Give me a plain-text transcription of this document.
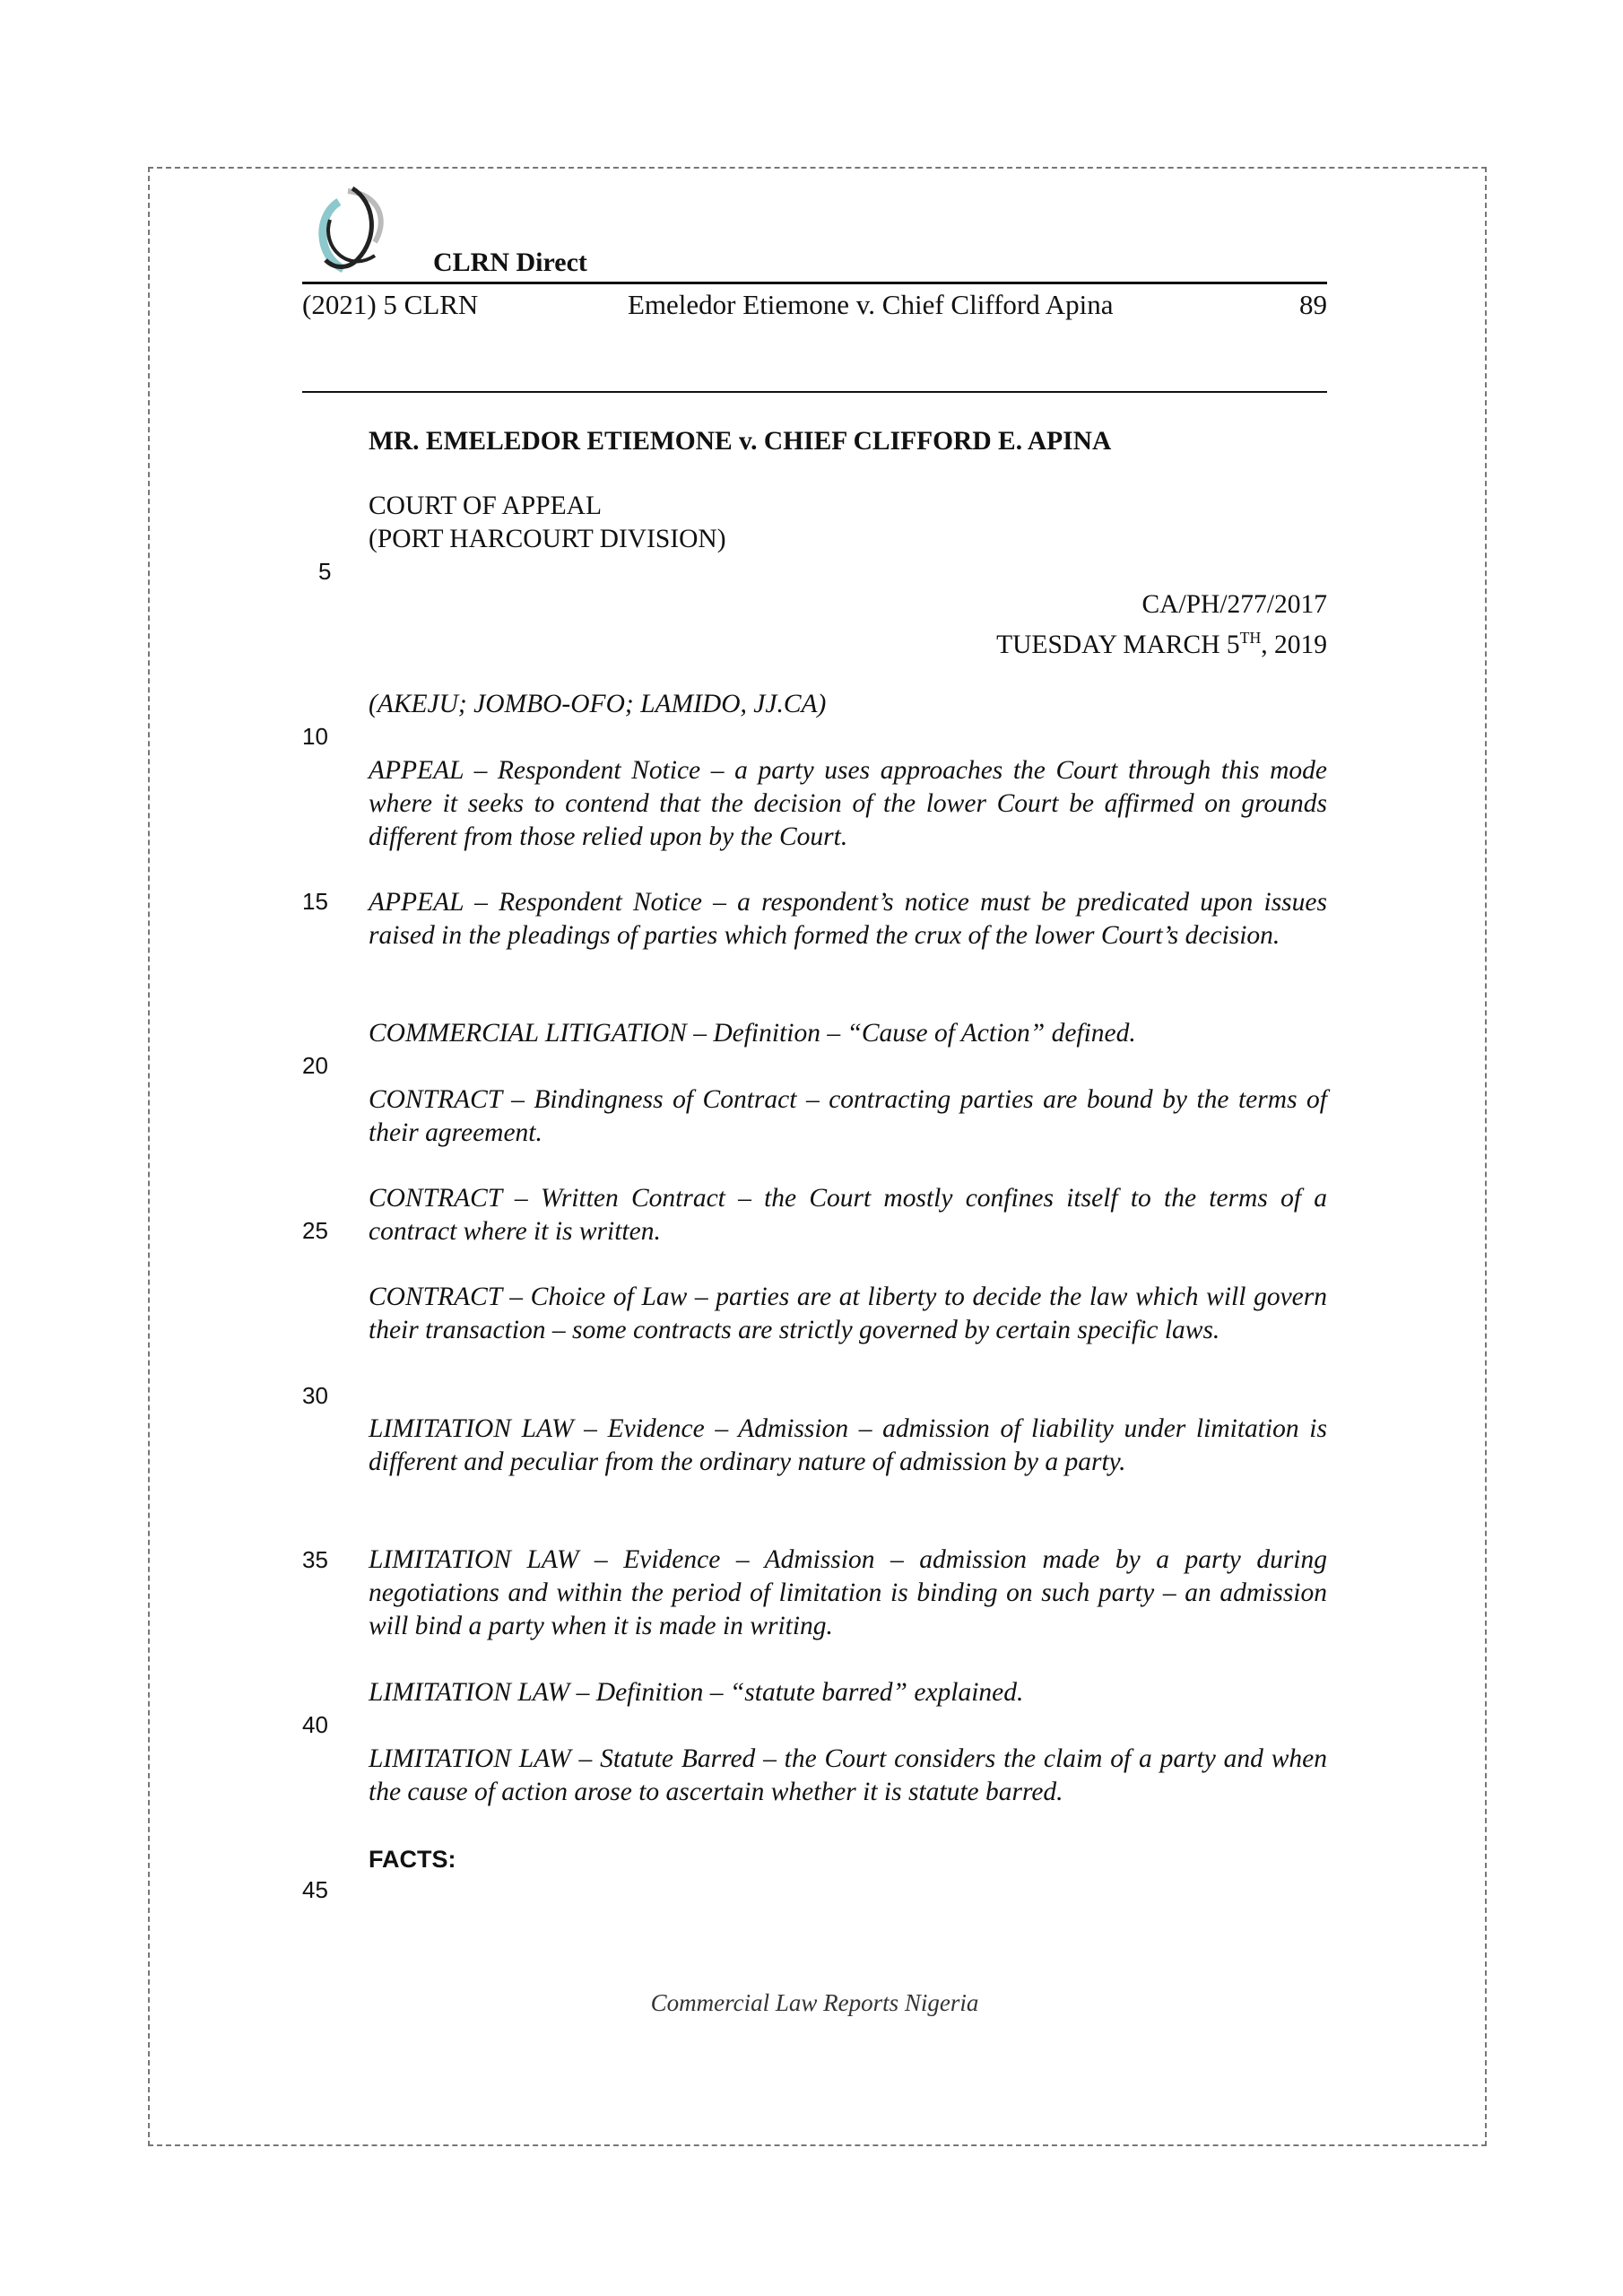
CLRN Direct
(2021) 5 CLRN	Emeledor Etiemone v. Chief Clifford Apina	89
MR. EMELEDOR ETIEMONE v. CHIEF CLIFFORD E. APINA
COURT OF APPEAL
(PORT HARCOURT DIVISION)
CA/PH/277/2017
TUESDAY MARCH 5TH, 2019
(AKEJU; JOMBO-OFO; LAMIDO, JJ.CA)
APPEAL – Respondent Notice – a party uses approaches the Court through this mode where it seeks to contend that the decision of the lower Court be affirmed on grounds different from those relied upon by the Court.
APPEAL – Respondent Notice – a respondent’s notice must be predicated upon issues raised in the pleadings of parties which formed the crux of the lower Court’s decision.
COMMERCIAL LITIGATION – Definition – “Cause of Action” defined.
CONTRACT – Bindingness of Contract – contracting parties are bound by the terms of their agreement.
CONTRACT – Written Contract – the Court mostly confines itself to the terms of a contract where it is written.
CONTRACT – Choice of Law – parties are at liberty to decide the law which will govern their transaction – some contracts are strictly governed by certain specific laws.
LIMITATION LAW – Evidence – Admission – admission of liability under limitation is different and peculiar from the ordinary nature of admission by a party.
LIMITATION LAW – Evidence – Admission – admission made by a party during negotiations and within the period of limitation is binding on such party – an admission will bind a party when it is made in writing.
LIMITATION LAW – Definition – “statute barred” explained.
LIMITATION LAW – Statute Barred – the Court considers the claim of a party and when the cause of action arose to ascertain whether it is statute barred.
FACTS:
5
10
15
20
25
30
35
40
45
Commercial Law Reports Nigeria
